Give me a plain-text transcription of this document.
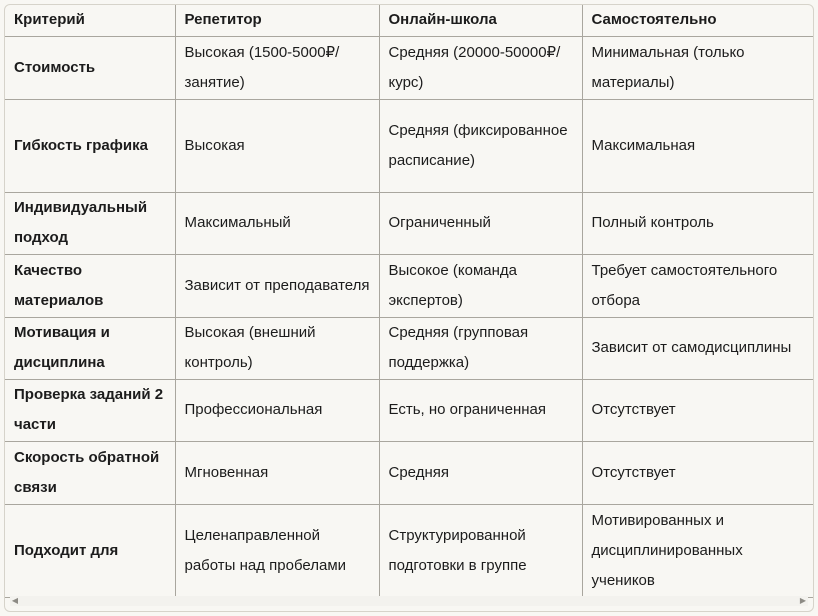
Критерий	Репетитор	Онлайн-школа	Самостоятельно
Стоимость	Высокая (1500-5000₽/занятие)	Средняя (20000-50000₽/курс)	Минимальная (только материалы)
Гибкость графика	Высокая	Средняя (фиксированное расписание)	Максимальная
Индивидуальный подход	Максимальный	Ограниченный	Полный контроль
Качество материалов	Зависит от преподавателя	Высокое (команда экспертов)	Требует самостоятельного отбора
Мотивация и дисциплина	Высокая (внешний контроль)	Средняя (групповая поддержка)	Зависит от самодисциплины
Проверка заданий 2 части	Профессиональная	Есть, но ограниченная	Отсутствует
Скорость обратной связи	Мгновенная	Средняя	Отсутствует
Подходит для	Целенаправленной работы над пробелами	Структурированной подготовки в группе	Мотивированных и дисциплинированных учеников
◀	▶
